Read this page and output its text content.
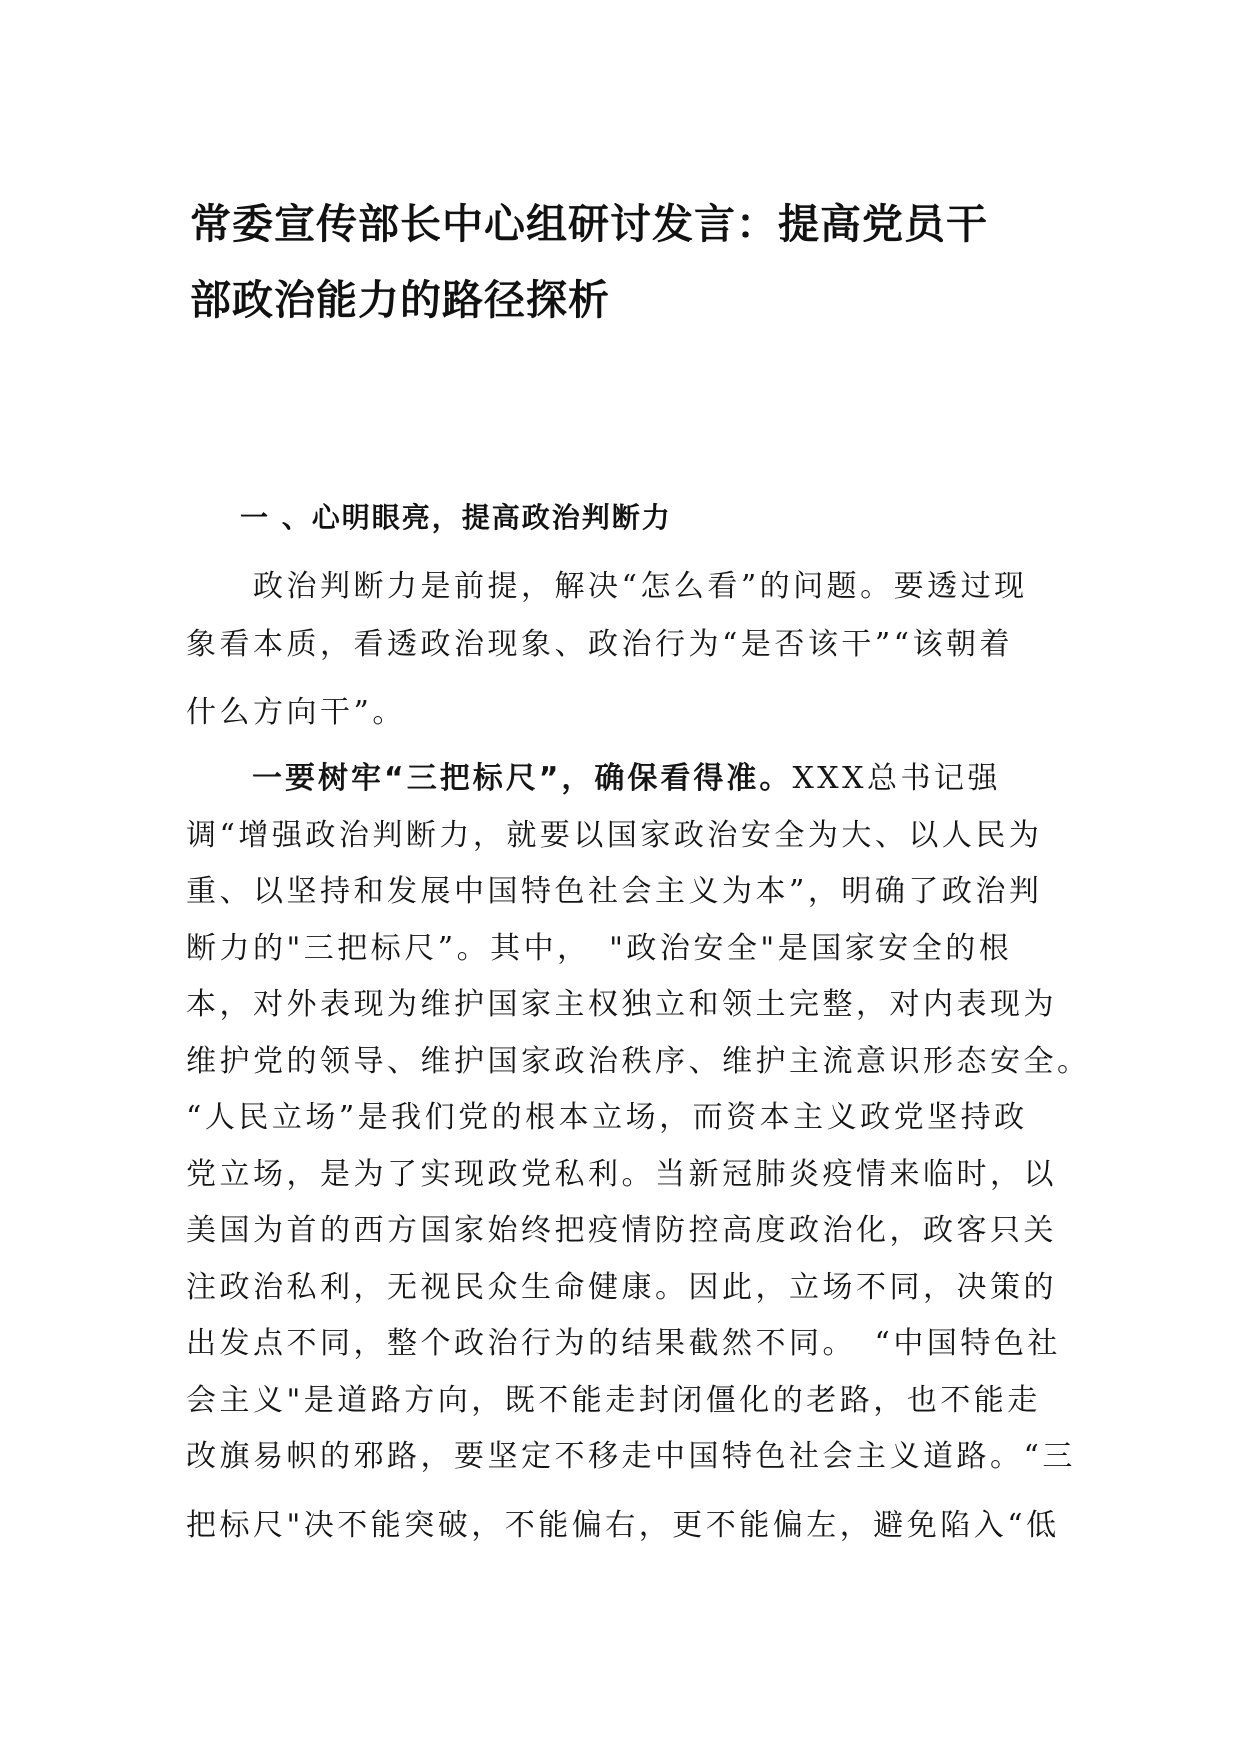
常委宣传部长中心组研讨发言：提高党员干
部政治能力的路径探析
一 、心明眼亮，提高政治判断力

　　政治判断力是前提，解决“怎么看”的问题。要透过现
象看本质，看透政治现象、政治行为“是否该干”“该朝着
什么方向干”。

　　一要树牢“三把标尺”，确保看得准。XXX总书记强
调“增强政治判断力，就要以国家政治安全为大、以人民为
重、以坚持和发展中国特色社会主义为本”，明确了政治判
断力的"三把标尺”。其中，　"政治安全"是国家安全的根
本，对外表现为维护国家主权独立和领土完整，对内表现为
维护党的领导、维护国家政治秩序、维护主流意识形态安全。
“人民立场”是我们党的根本立场，而资本主义政党坚持政
党立场，是为了实现政党私利。当新冠肺炎疫情来临时，以
美国为首的西方国家始终把疫情防控高度政治化，政客只关
注政治私利，无视民众生命健康。因此，立场不同，决策的
出发点不同，整个政治行为的结果截然不同。　“中国特色社
会主义"是道路方向，既不能走封闭僵化的老路，也不能走
改旗易帜的邪路，要坚定不移走中国特色社会主义道路。“三
把标尺"决不能突破，不能偏右，更不能偏左，避免陷入“低
